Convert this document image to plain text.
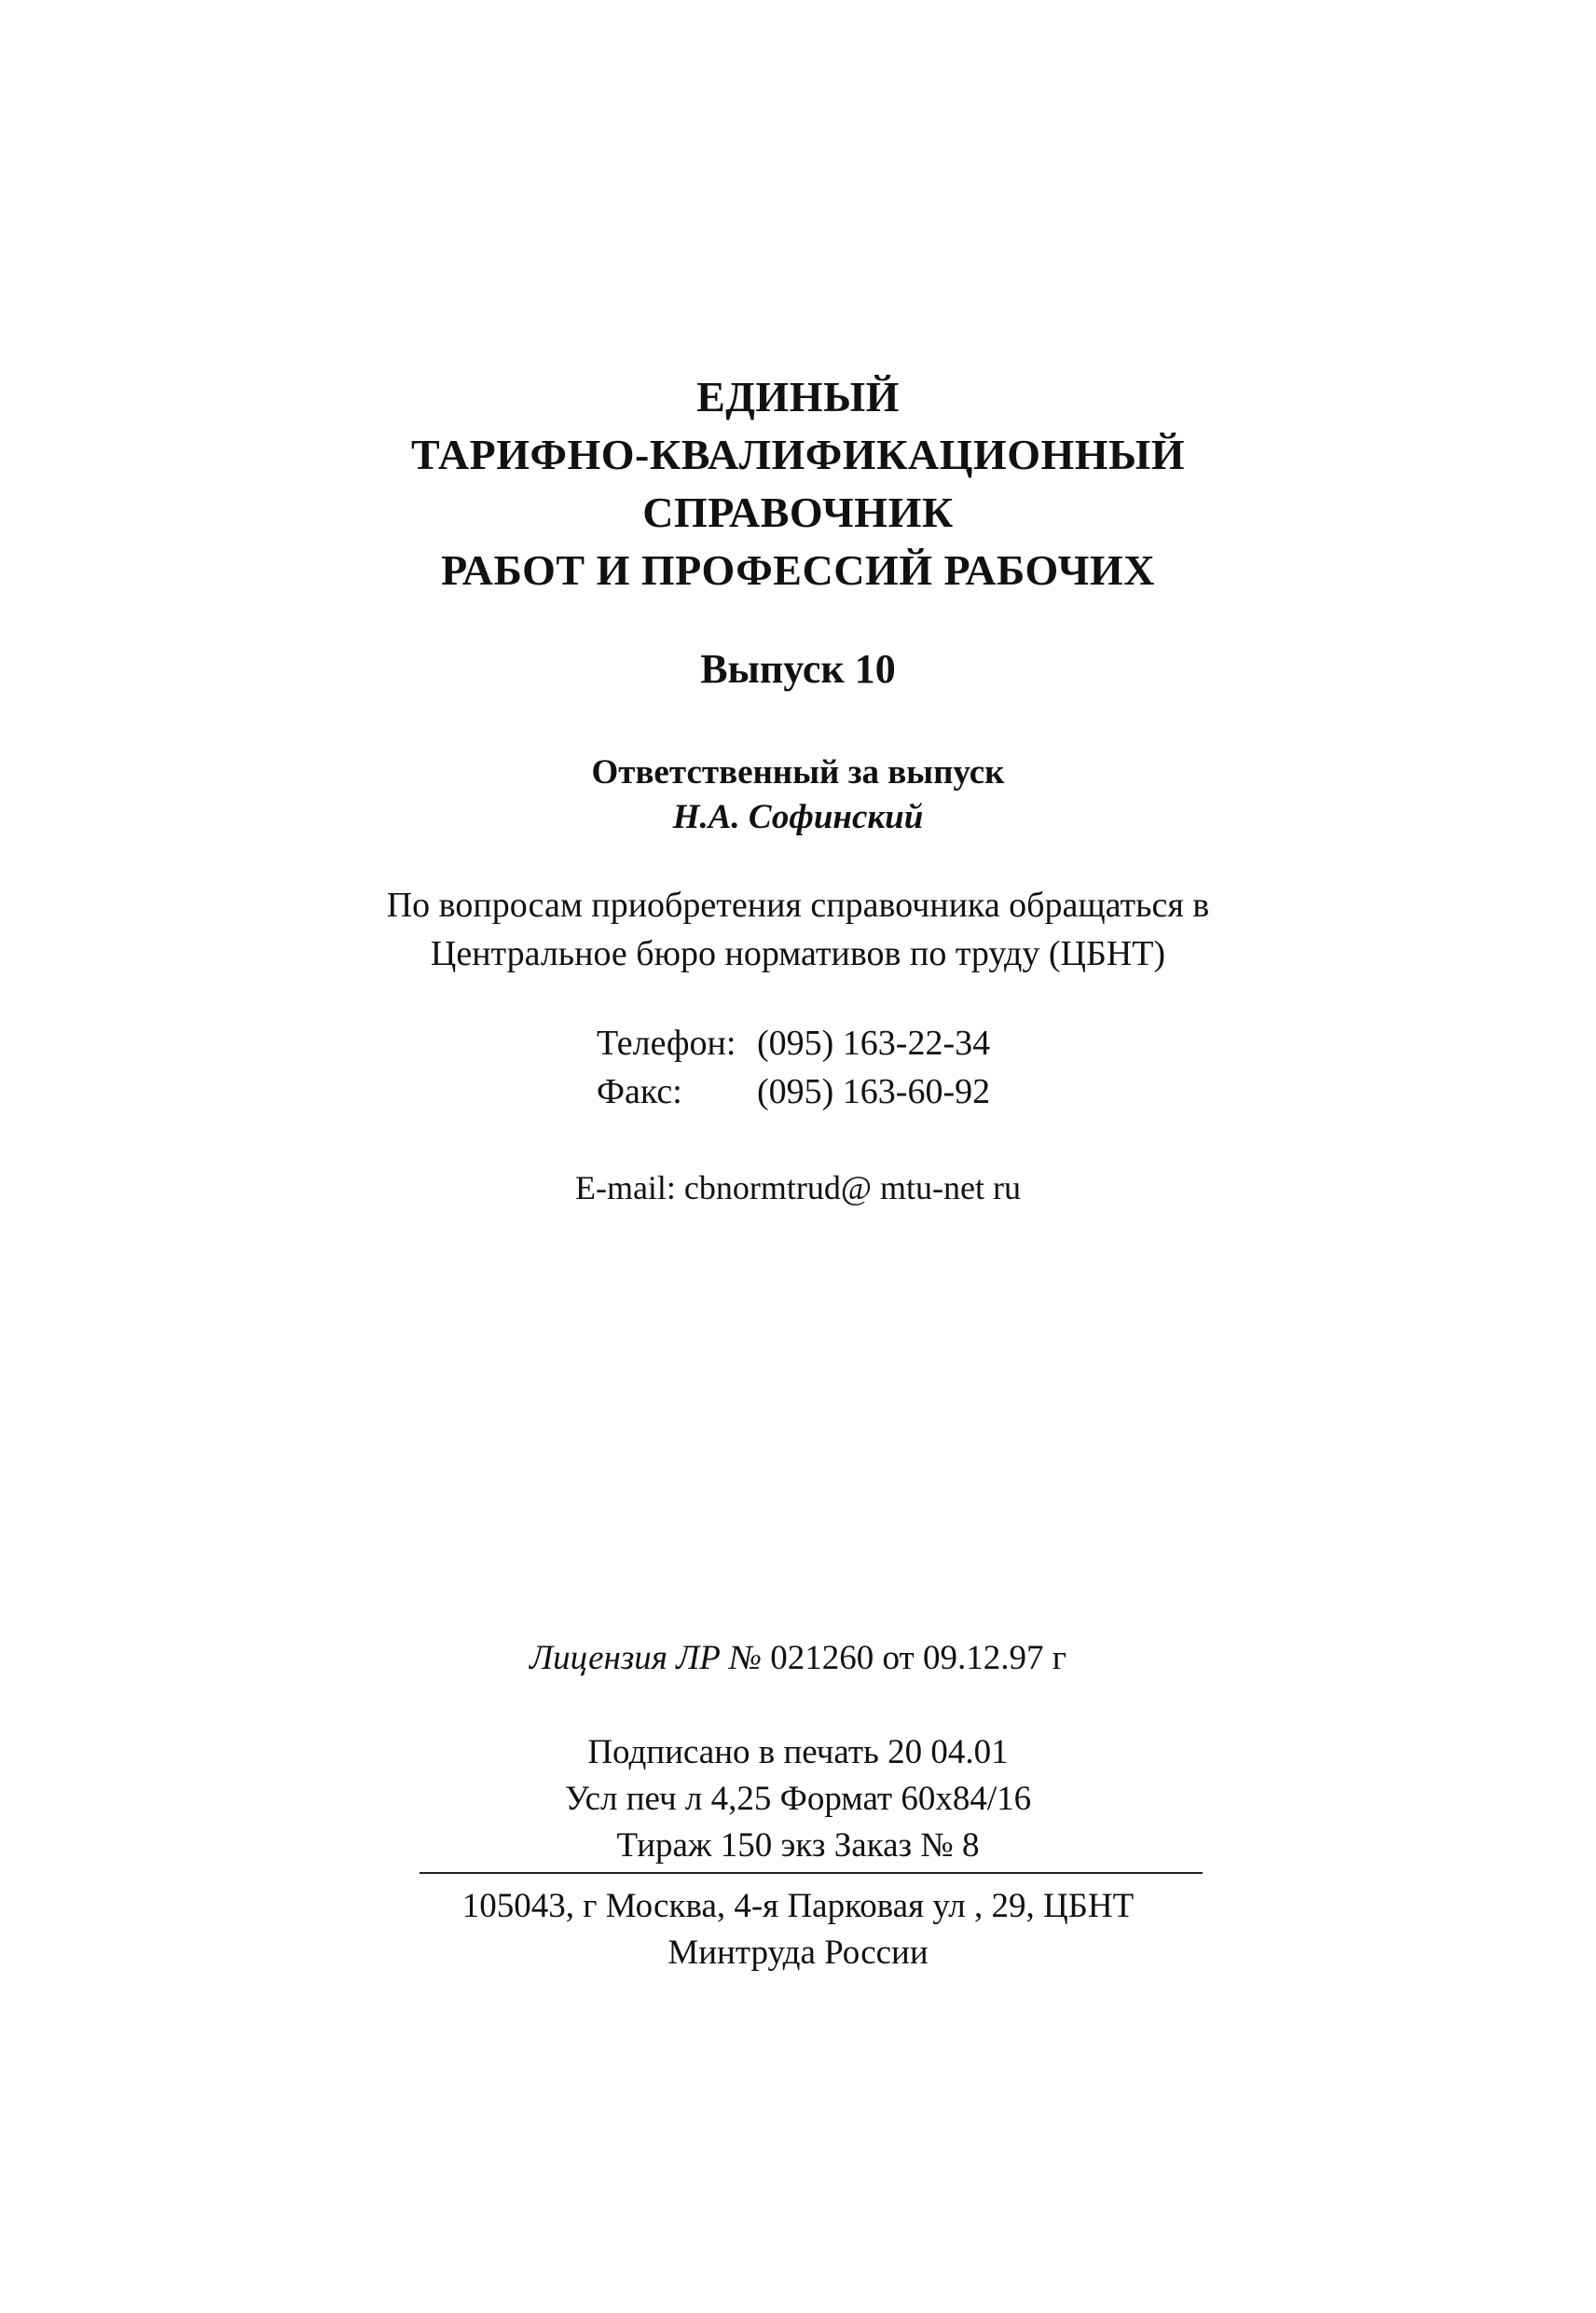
ЕДИНЫЙ
ТАРИФНО-КВАЛИФИКАЦИОННЫЙ
СПРАВОЧНИК
РАБОТ И ПРОФЕССИЙ РАБОЧИХ
Выпуск 10
Ответственный за выпуск
Н.А. Софинский
По вопросам приобретения справочника обращаться в
Центральное бюро нормативов по труду (ЦБНТ)
Телефон: (095) 163-22-34
Факс:	(095) 163-60-92
E-mail: cbnormtrud@ mtu-net ru
Лицензия ЛР № 021260 от 09.12.97 г
Подписано в печать 20 04.01
Усл печ л 4,25 Формат 60х84/16
Тираж 150 экз Заказ № 8
105043, г Москва, 4-я Парковая ул , 29, ЦБНТ
Минтруда России
